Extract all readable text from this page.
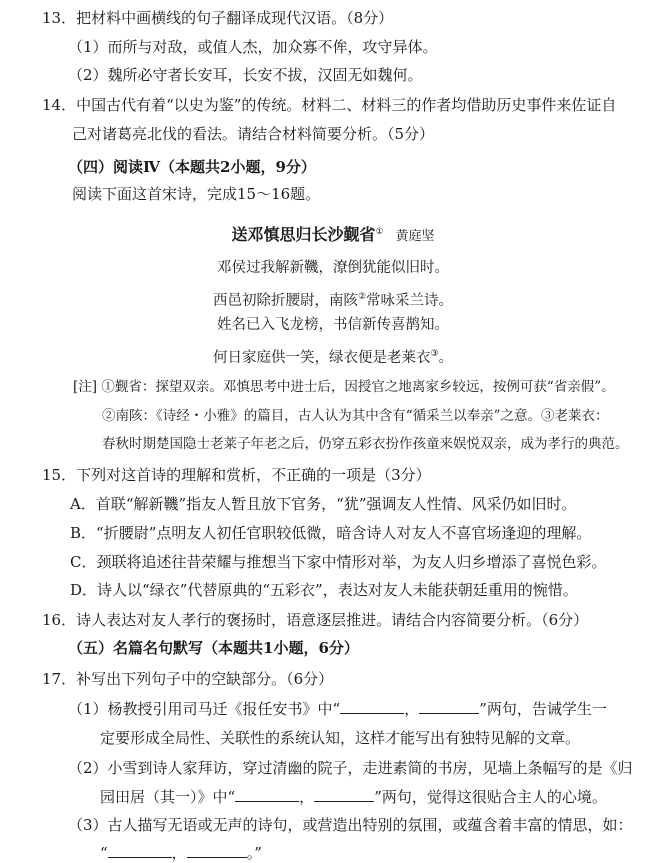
13．把材料中画横线的句子翻译成现代汉语。（8分）
（1）而所与对敌，或值人杰，加众寡不侔，攻守异体。
（2）魏所必守者长安耳，长安不拔，汉固无如魏何。
14．中国古代有着“以史为鉴”的传统。材料二、材料三的作者均借助历史事件来佐证自
己对诸葛亮北伐的看法。请结合材料简要分析。（5分）
（四）阅读Ⅳ（本题共2小题，9分）
阅读下面这首宋诗，完成15～16题。
送邓慎思归长沙觐省① 黄庭坚
邓侯过我解新鞿，潦倒犹能似旧时。
西邑初除折腰尉，南陔②常咏采兰诗。
姓名已入飞龙榜，书信新传喜鹊知。
何日家庭供一笑，绿衣便是老莱衣③。
[注] ①觐省：探望双亲。邓慎思考中进士后，因授官之地离家乡较远，按例可获“省亲假”。
②南陔：《诗经・小雅》的篇目，古人认为其中含有“循采兰以奉亲”之意。③老莱衣：
春秋时期楚国隐士老莱子年老之后，仍穿五彩衣扮作孩童来娱悦双亲，成为孝行的典范。
15．下列对这首诗的理解和赏析，不正确的一项是（3分）
A．首联“解新鞿”指友人暂且放下官务，“犹”强调友人性情、风采仍如旧时。
B．“折腰尉”点明友人初任官职较低微，暗含诗人对友人不喜官场逢迎的理解。
C．颈联将追述往昔荣耀与推想当下家中情形对举，为友人归乡增添了喜悦色彩。
D．诗人以“绿衣”代替原典的“五彩衣”，表达对友人未能获朝廷重用的惋惜。
16．诗人表达对友人孝行的褒扬时，语意逐层推进。请结合内容简要分析。（6分）
（五）名篇名句默写（本题共1小题，6分）
17．补写出下列句子中的空缺部分。（6分）
（1）杨教授引用司马迁《报任安书》中“	，	”两句，告诫学生一
定要形成全局性、关联性的系统认知，这样才能写出有独特见解的文章。
（2）小雪到诗人家拜访，穿过清幽的院子，走进素简的书房，见墙上条幅写的是《归
园田居（其一）》中“	，	”两句，觉得这很贴合主人的心境。
（3）古人描写无语或无声的诗句，或营造出特别的氛围，或蕴含着丰富的情思，如：
“	，	。”
